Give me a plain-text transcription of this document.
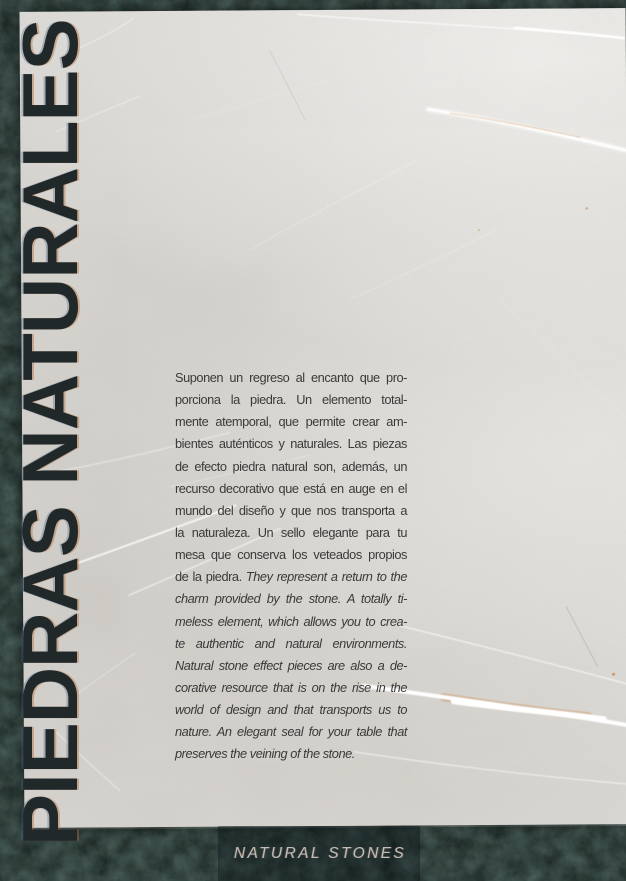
PIEDRAS NATURALES	Suponen un regreso al encanto que pro-
porciona la piedra. Un elemento total-
mente atemporal, que permite crear am-
bientes auténticos y naturales. Las piezas
de efecto piedra natural son, además, un
recurso decorativo que está en auge en el
mundo del diseño y que nos transporta a
la naturaleza. Un sello elegante para tu
mesa que conserva los veteados propios
de la piedra. They represent a return to the
charm provided by the stone. A totally ti-
meless element, which allows you to crea-
te authentic and natural environments.
Natural stone effect pieces are also a de-
corative resource that is on the rise in the
world of design and that transports us to
nature. An elegant seal for your table that
preserves the veining of the stone.
NATURAL STONES
